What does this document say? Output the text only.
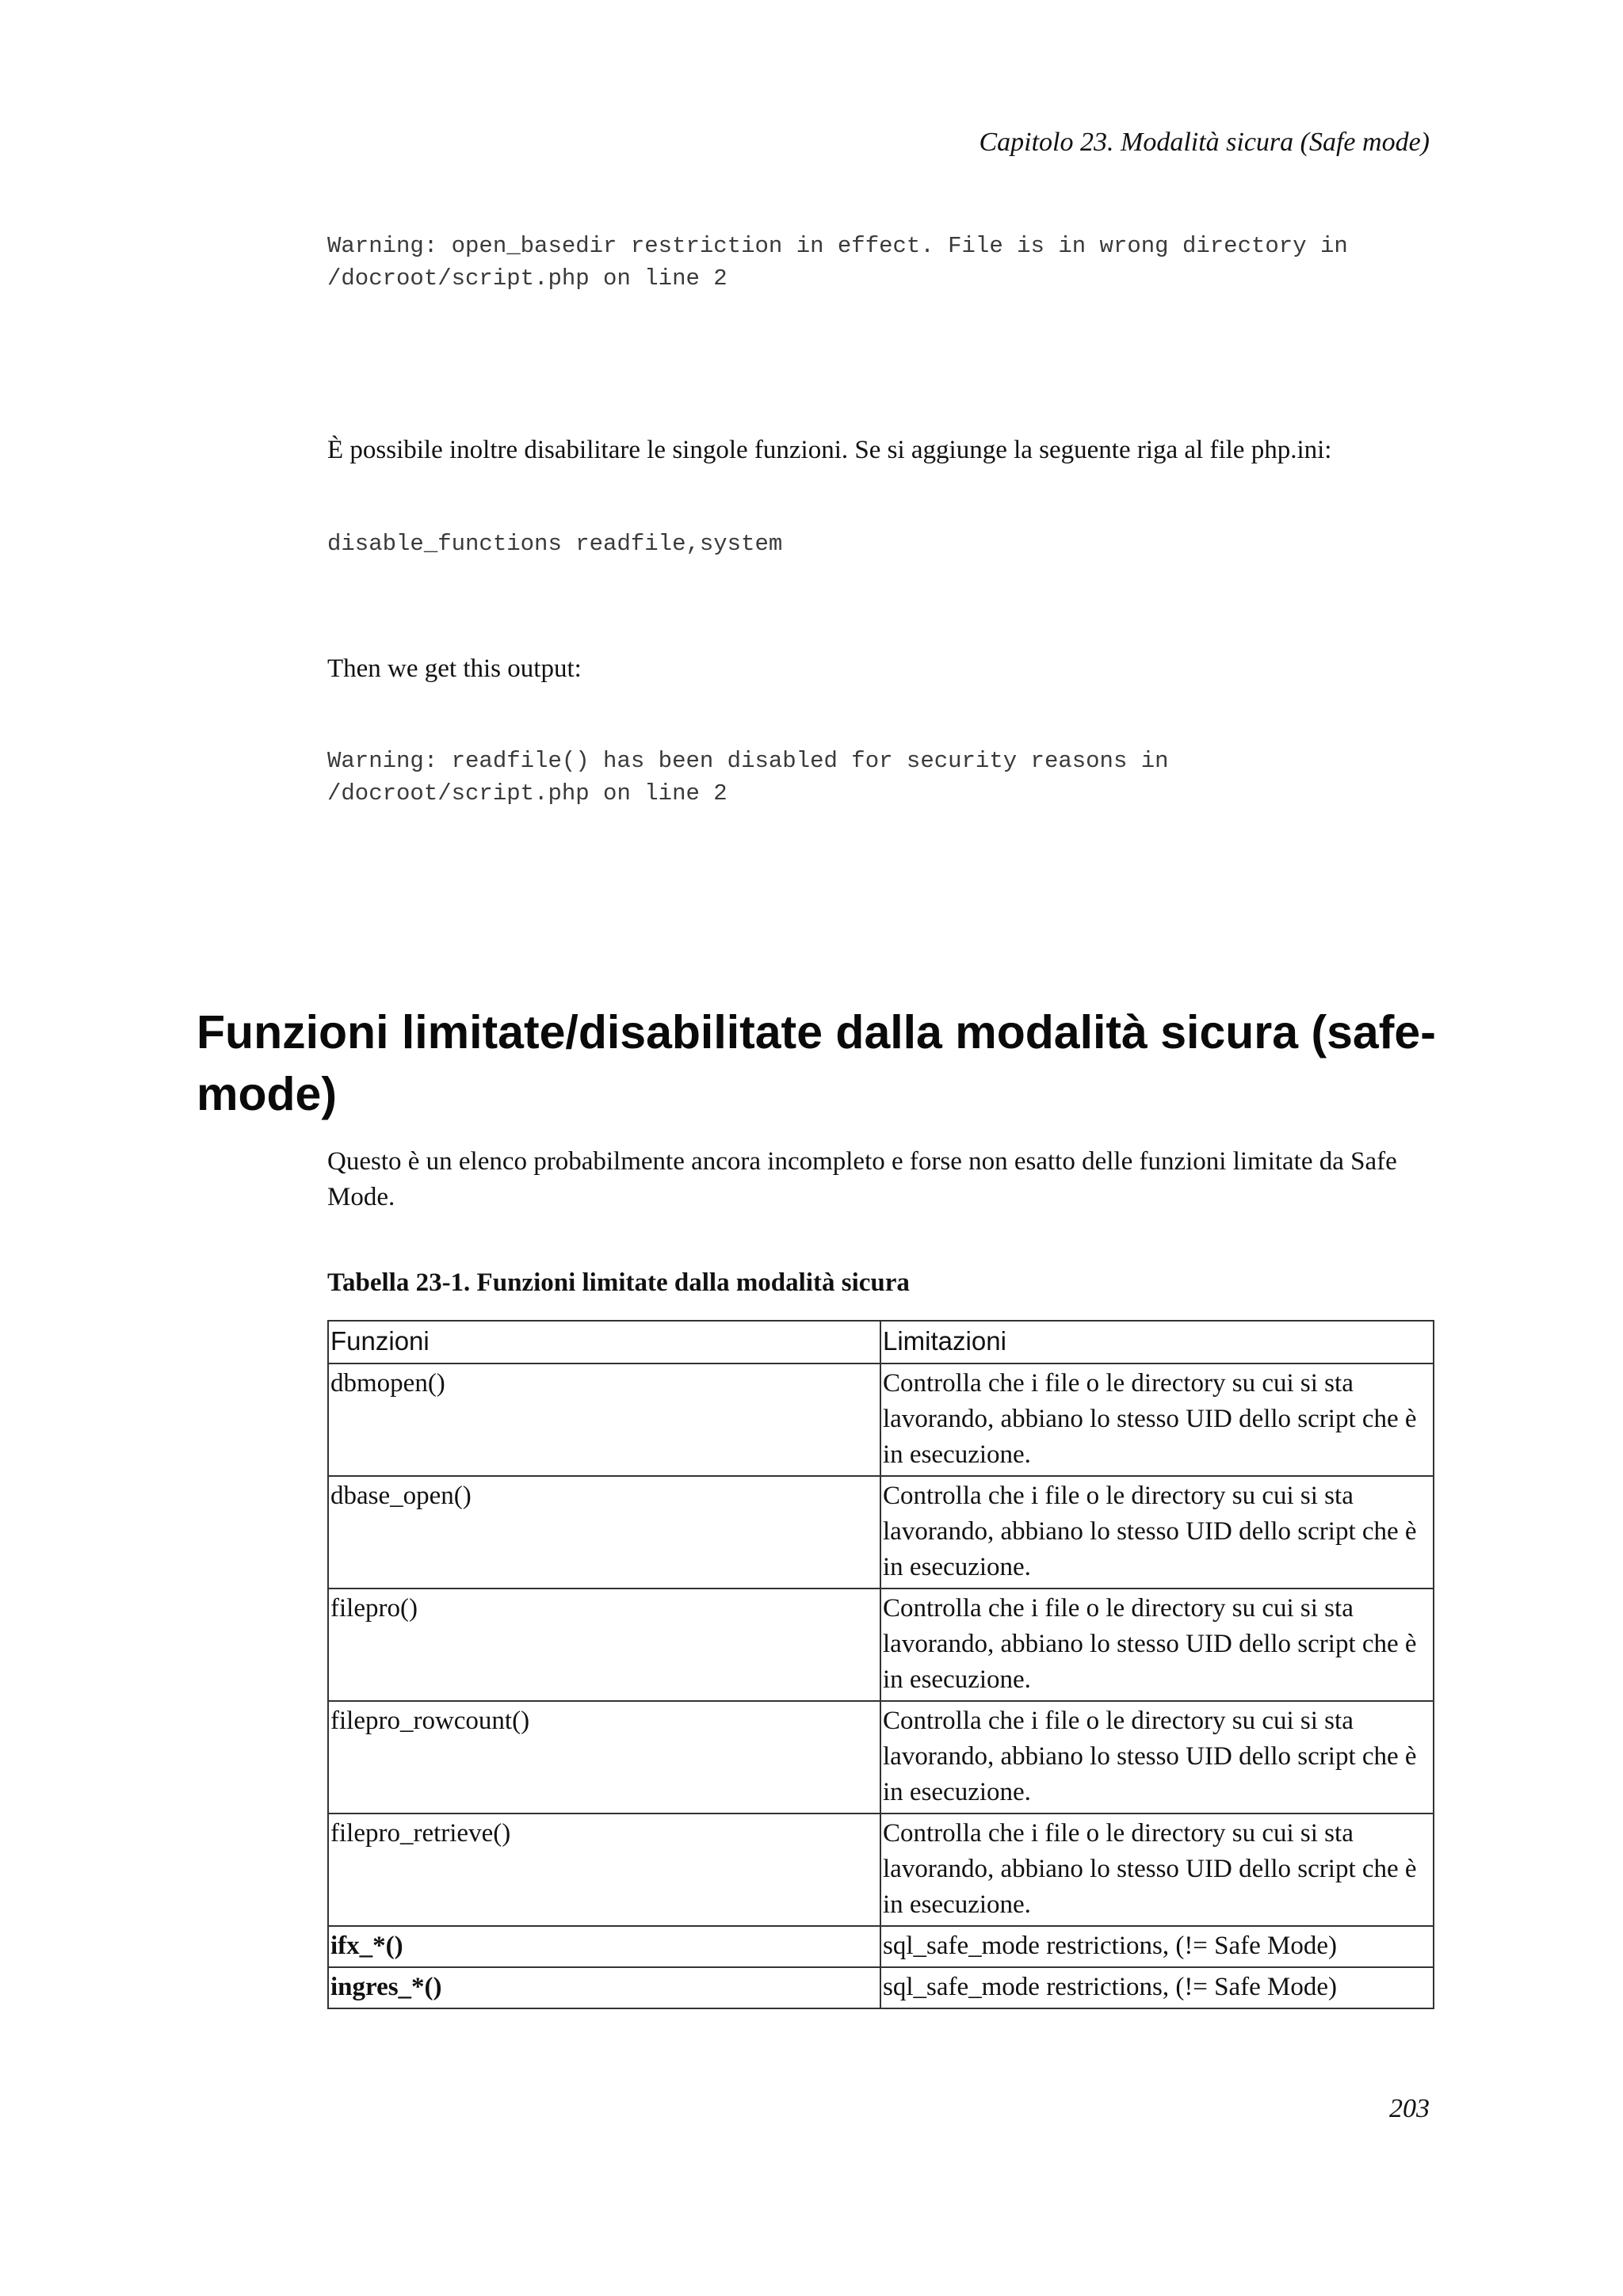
Capitolo 23. Modalità sicura (Safe mode)
Warning: open_basedir restriction in effect. File is in wrong directory in
/docroot/script.php on line 2

È possibile inoltre disabilitare le singole funzioni. Se si aggiunge la seguente riga al file php.ini:

disable_functions readfile,system

Then we get this output:

Warning: readfile() has been disabled for security reasons in
/docroot/script.php on line 2
Funzioni limitate/disabilitate dalla modalità sicura (safe-mode)

Questo è un elenco probabilmente ancora incompleto e forse non esatto delle funzioni limitate da Safe Mode.

Tabella 23-1. Funzioni limitate dalla modalità sicura

Funzioni	Limitazioni
dbmopen()	Controlla che i file o le directory su cui si sta lavorando, abbiano lo stesso UID dello script che è in esecuzione.
dbase_open()	Controlla che i file o le directory su cui si sta lavorando, abbiano lo stesso UID dello script che è in esecuzione.
filepro()	Controlla che i file o le directory su cui si sta lavorando, abbiano lo stesso UID dello script che è in esecuzione.
filepro_rowcount()	Controlla che i file o le directory su cui si sta lavorando, abbiano lo stesso UID dello script che è in esecuzione.
filepro_retrieve()	Controlla che i file o le directory su cui si sta lavorando, abbiano lo stesso UID dello script che è in esecuzione.
ifx_*()	sql_safe_mode restrictions, (!= Safe Mode)
ingres_*()	sql_safe_mode restrictions, (!= Safe Mode)
203
